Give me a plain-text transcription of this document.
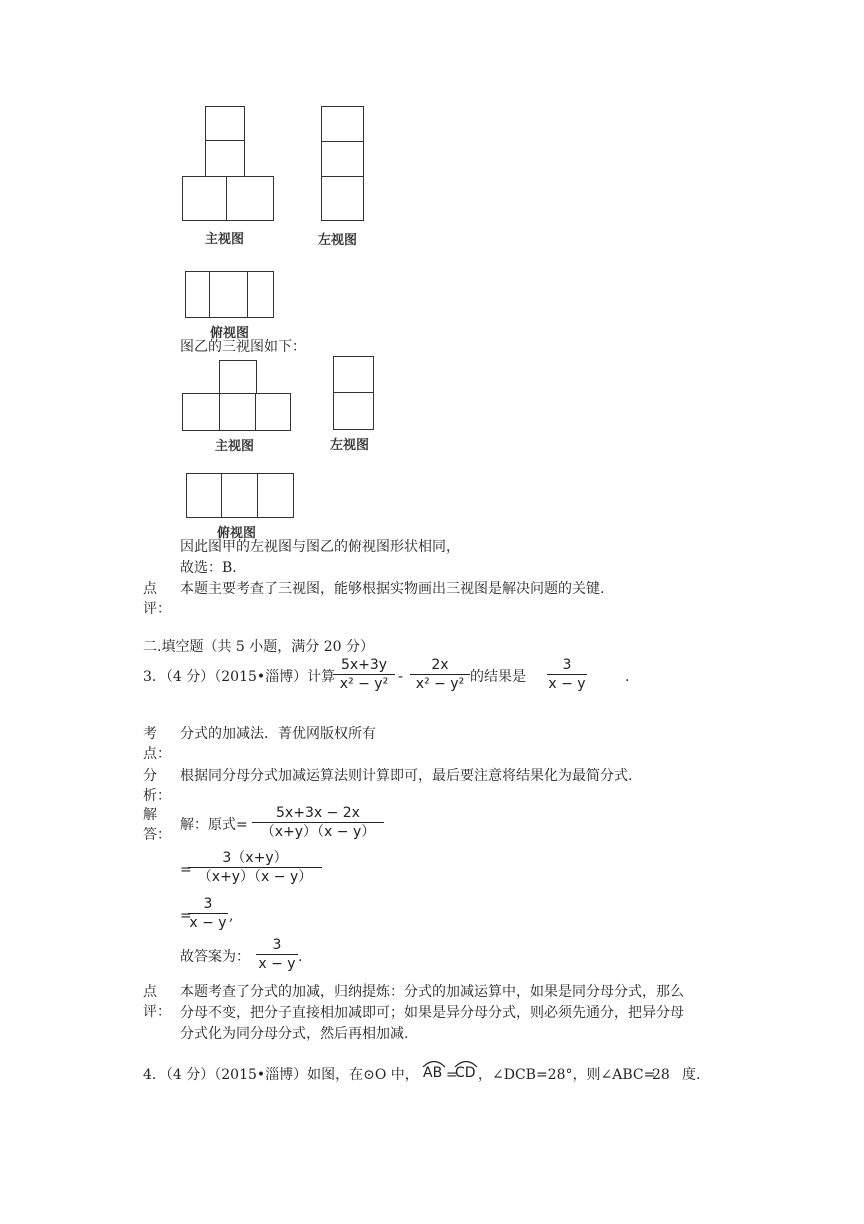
主视图	左视图
俯视图
图乙的三视图如下：
主视图	左视图
俯视图
因此图甲的左视图与图乙的俯视图形状相同，
故选：B.
点评：
本题主要考查了三视图，能够根据实物画出三视图是解决问题的关键.
二.填空题（共 5 小题，满分 20 分）
3．（4 分）（2015•淄博）计算
5x+3y
x² − y² -
2x
x² − y² 的结果是
3
x − y	.
考点：
分式的加减法．菁优网版权所有
分析：
根据同分母分式加减运算法则计算即可，最后要注意将结果化为最简分式.
解答：
解：原式=
5x+3x − 2x
（x+y）（x − y）
=
3（x+y）
（x+y）（x − y）
=
3
x − y ,
故答案为：
3
x − y .
点评：
本题考查了分式的加减，归纳提炼：分式的加减运算中，如果是同分母分式，那么
分母不变，把分子直接相加减即可；如果是异分母分式，则必须先通分，把异分母
分式化为同分母分式，然后再相加减.
4．（4 分）（2015•淄博）如图，在⊙O 中， AB =
CD ，∠DCB=28°，则∠ABC=
28 度.
